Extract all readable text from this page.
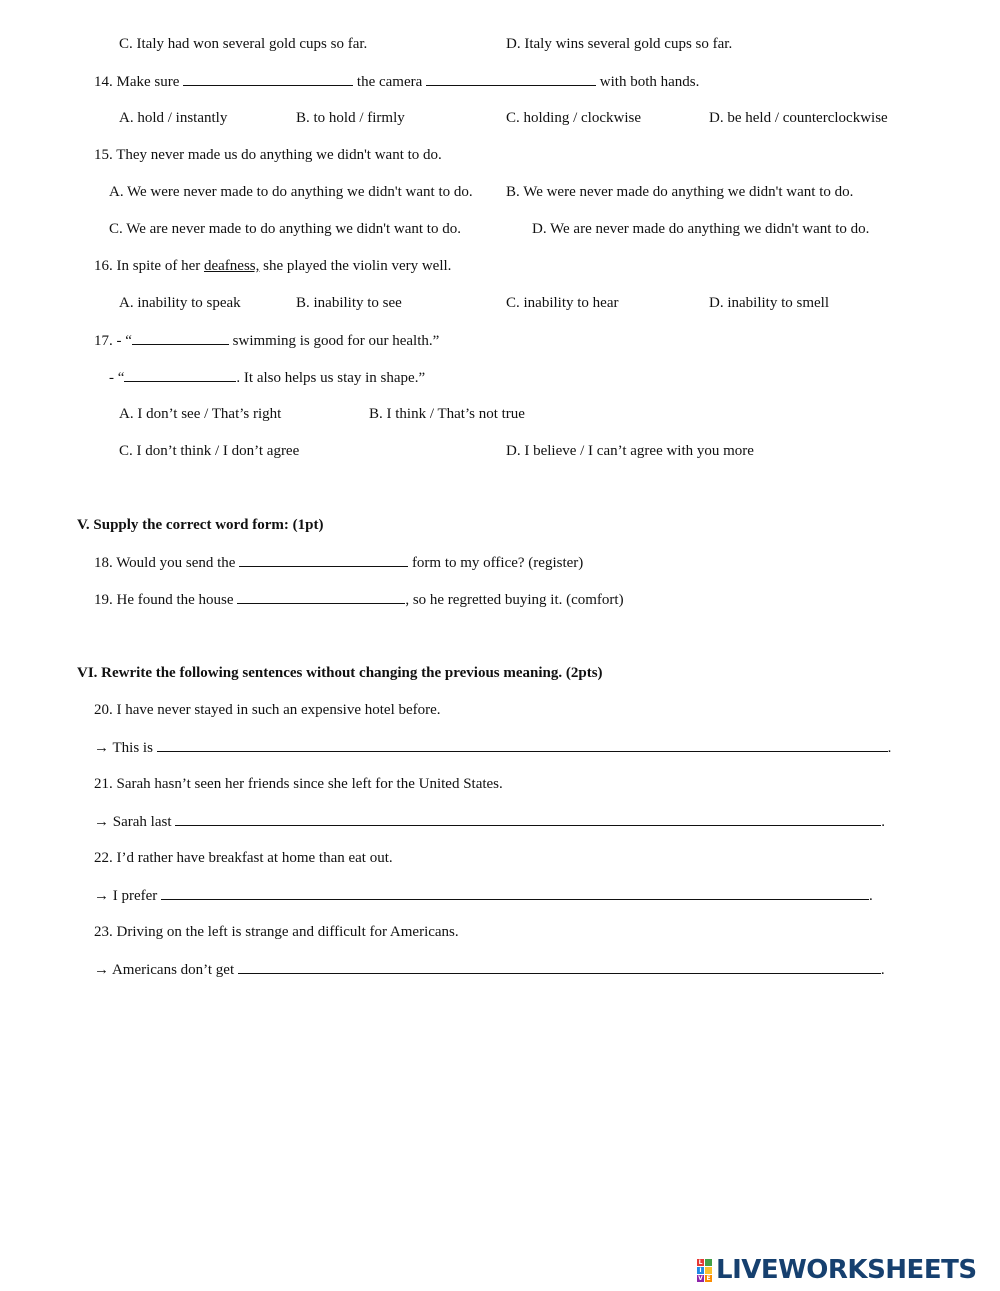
C. Italy had won several gold cups so far.	D. Italy wins several gold cups so far.
14. Make sure	the camera	with both hands.
A. hold / instantly	B. to hold / firmly	C. holding / clockwise	D. be held / counterclockwise
15. They never made us do anything we didn't want to do.
A. We were never made to do anything we didn't want to do. B. We were never made do anything we didn't want to do.
C. We are never made to do anything we didn't want to do.	D. We are never made do anything we didn't want to do.
16. In spite of her deafness, she played the violin very well.
A. inability to speak	B. inability to see	C. inability to hear	D. inability to smell
17. - “	swimming is good for our health.”
- “	. It also helps us stay in shape.”
A. I don’t see / That’s right	B. I think / That’s not true
C. I don’t think / I don’t agree	D. I believe / I can’t agree with you more
V. Supply the correct word form: (1pt)
18. Would you send the	form to my office? (register)
19. He found the house	, so he regretted buying it. (comfort)
VI. Rewrite the following sentences without changing the previous meaning. (2pts)
20. I have never stayed in such an expensive hotel before.
→ This is	.
21. Sarah hasn’t seen her friends since she left for the United States.
→ Sarah last	.
22. I’d rather have breakfast at home than eat out.
→ I prefer	.
23. Driving on the left is strange and difficult for Americans.
→ Americans don’t get	.
L
I
V E LIVEWORKSHEETS
